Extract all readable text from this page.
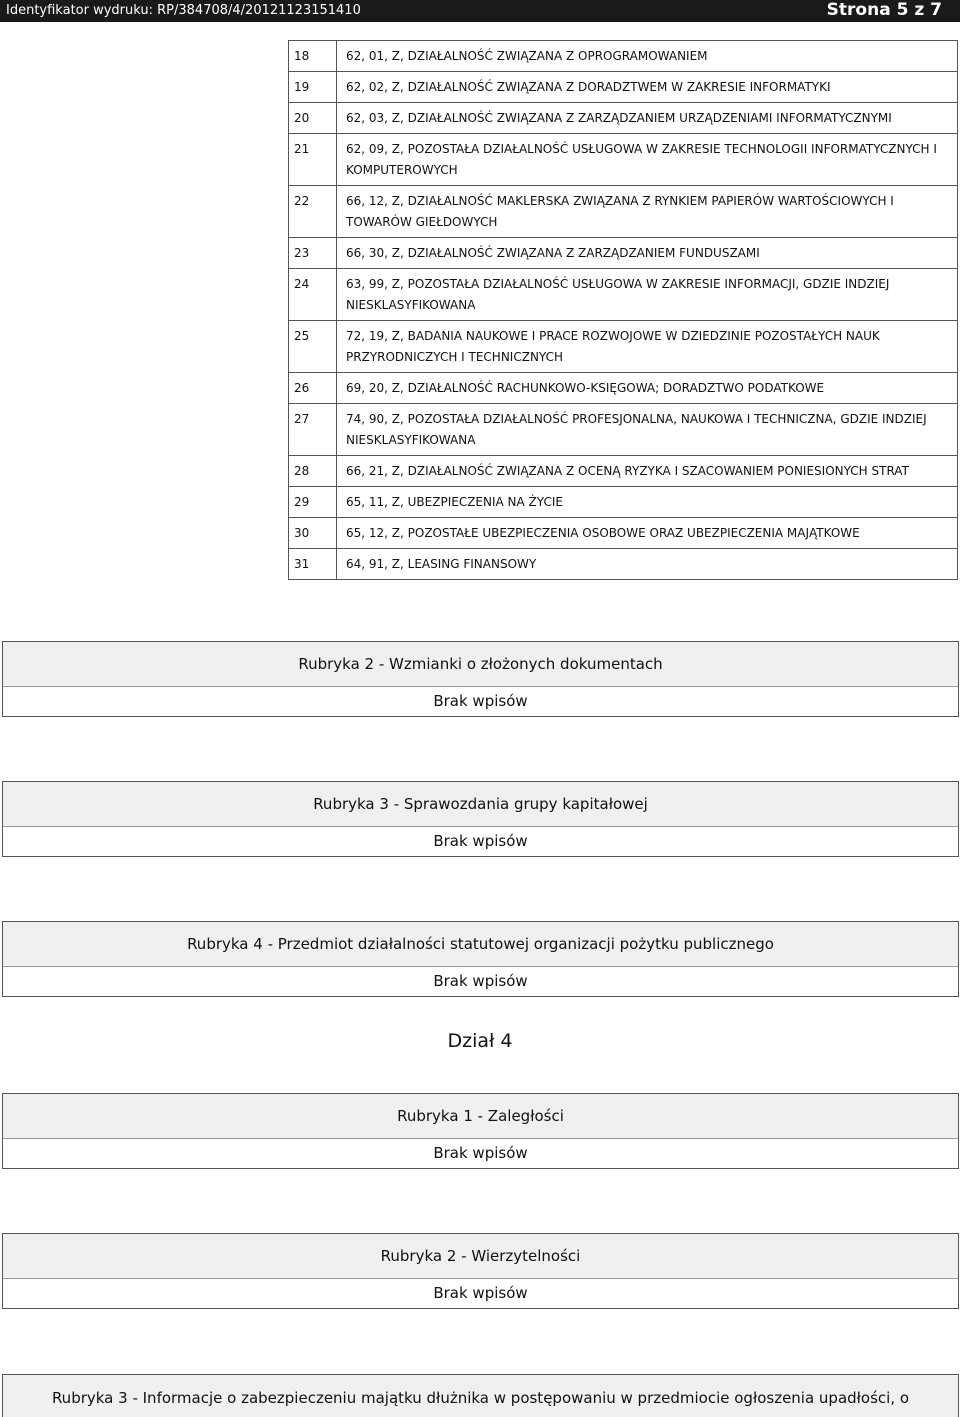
Identyfikator wydruku: RP/384708/4/20121123151410	Strona 5 z 7
18	62, 01, Z, DZIAŁALNOŚĆ ZWIĄZANA Z OPROGRAMOWANIEM
19	62, 02, Z, DZIAŁALNOŚĆ ZWIĄZANA Z DORADZTWEM W ZAKRESIE INFORMATYKI
20	62, 03, Z, DZIAŁALNOŚĆ ZWIĄZANA Z ZARZĄDZANIEM URZĄDZENIAMI INFORMATYCZNYMI
21	62, 09, Z, POZOSTAŁA DZIAŁALNOŚĆ USŁUGOWA W ZAKRESIE TECHNOLOGII INFORMATYCZNYCH I KOMPUTEROWYCH
22	66, 12, Z, DZIAŁALNOŚĆ MAKLERSKA ZWIĄZANA Z RYNKIEM PAPIERÓW WARTOŚCIOWYCH I TOWARÓW GIEŁDOWYCH
23	66, 30, Z, DZIAŁALNOŚĆ ZWIĄZANA Z ZARZĄDZANIEM FUNDUSZAMI
24	63, 99, Z, POZOSTAŁA DZIAŁALNOŚĆ USŁUGOWA W ZAKRESIE INFORMACJI, GDZIE INDZIEJ NIESKLASYFIKOWANA
25	72, 19, Z, BADANIA NAUKOWE I PRACE ROZWOJOWE W DZIEDZINIE POZOSTAŁYCH NAUK PRZYRODNICZYCH I TECHNICZNYCH
26	69, 20, Z, DZIAŁALNOŚĆ RACHUNKOWO-KSIĘGOWA; DORADZTWO PODATKOWE
27	74, 90, Z, POZOSTAŁA DZIAŁALNOŚĆ PROFESJONALNA, NAUKOWA I TECHNICZNA, GDZIE INDZIEJ NIESKLASYFIKOWANA
28	66, 21, Z, DZIAŁALNOŚĆ ZWIĄZANA Z OCENĄ RYZYKA I SZACOWANIEM PONIESIONYCH STRAT
29	65, 11, Z, UBEZPIECZENIA NA ŻYCIE
30	65, 12, Z, POZOSTAŁE UBEZPIECZENIA OSOBOWE ORAZ UBEZPIECZENIA MAJĄTKOWE
31	64, 91, Z, LEASING FINANSOWY
Rubryka 2 - Wzmianki o złożonych dokumentach
Brak wpisów
Rubryka 3 - Sprawozdania grupy kapitałowej
Brak wpisów
Rubryka 4 - Przedmiot działalności statutowej organizacji pożytku publicznego
Brak wpisów
Dział 4
Rubryka 1 - Zaległości
Brak wpisów
Rubryka 2 - Wierzytelności
Brak wpisów
Rubryka 3 - Informacje o zabezpieczeniu majątku dłużnika w postępowaniu w przedmiocie ogłoszenia upadłości, o
